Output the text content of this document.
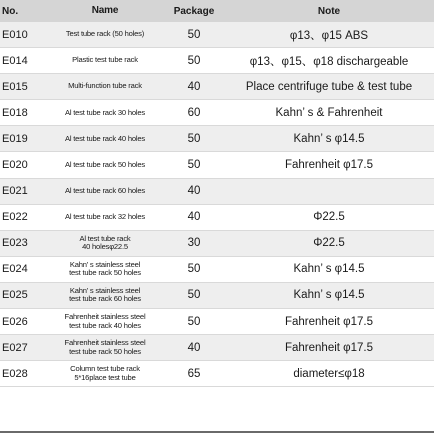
No.	Name	Package	Note
E010	Test tube rack (50 holes)	50	φ13、φ15 ABS
E014	Plastic test tube rack	50	φ13、φ15、φ18 dischargeable
E015	Multi-function tube rack	40	Place centrifuge tube & test tube
E018	Al test tube rack 30 holes	60	Kahn’ s & Fahrenheit
E019	Al test tube rack 40 holes	50	Kahn’ s φ14.5
E020	Al test tube rack 50 holes	50	Fahrenheit φ17.5
E021	Al test tube rack 60 holes	40
E022	Al test tube rack 32 holes	40	Φ22.5
E023	Al test tube rack
40 holesφ22.5	30	Φ22.5
E024	Kahn’ s stainless steel
test tube rack 50 holes	50	Kahn’ s φ14.5
E025	Kahn’ s stainless steel
test tube rack 60 holes	50	Kahn’ s φ14.5
E026	Fahrenheit stainless steel
test tube rack 40 holes	50	Fahrenheit φ17.5
E027	Fahrenheit stainless steel
test tube rack 50 holes	40	Fahrenheit φ17.5
E028	Column test tube rack
5*16place test tube	65	diameter≤φ18
